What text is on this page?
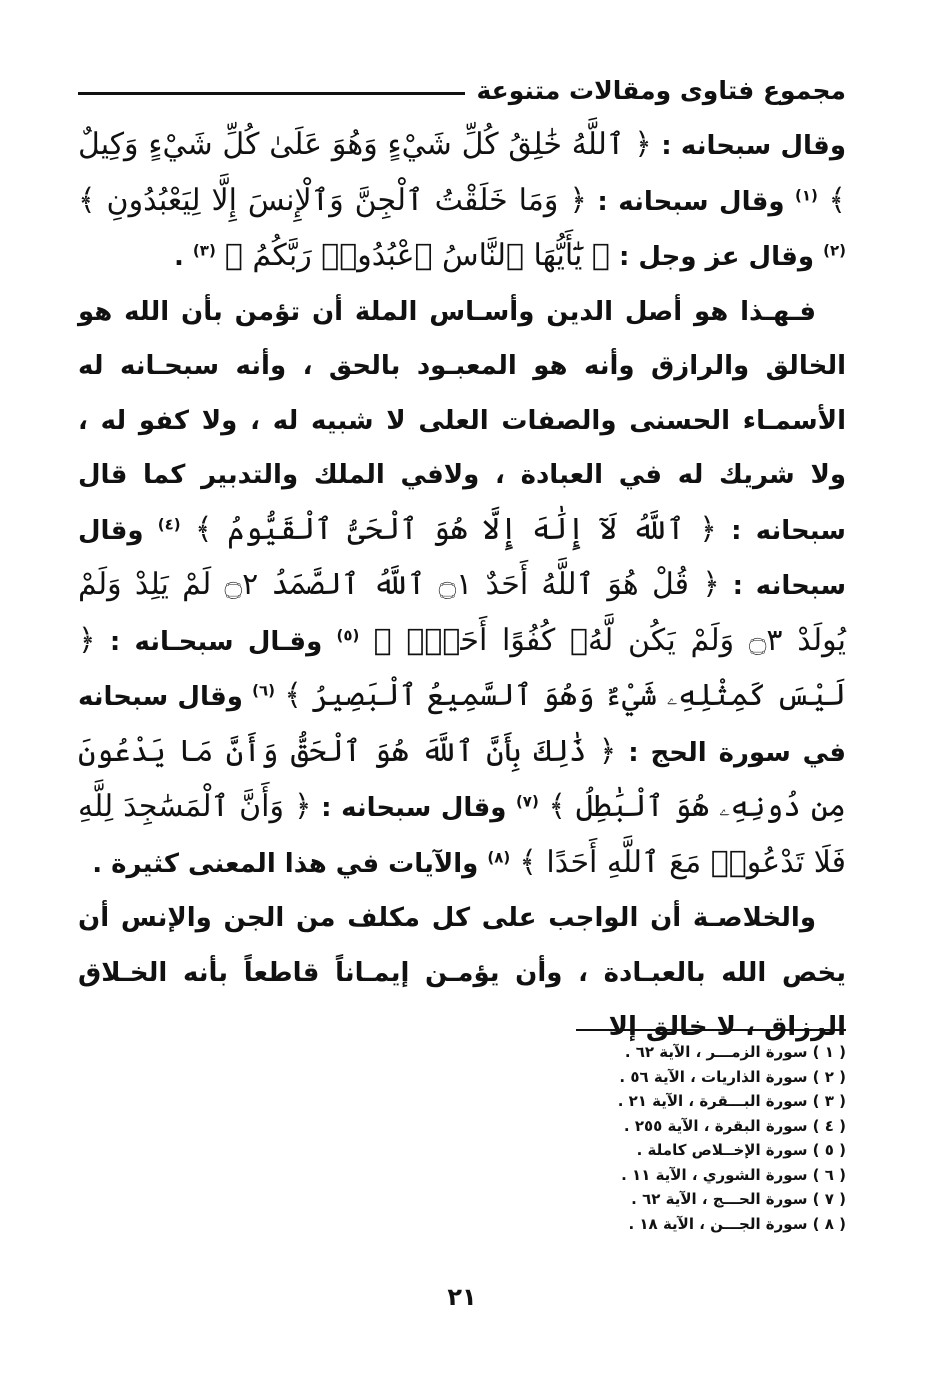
مجموع فتاوى ومقالات متنوعة

وقال سبحانه : ﴿ ٱللَّهُ خَٰلِقُ كُلِّ شَيْءٍ وَهُوَ عَلَىٰ كُلِّ شَيْءٍ وَكِيلٌ ﴾ $^{(١)}$ وقال سبحانه : ﴿ وَمَا خَلَقْتُ ٱلْجِنَّ وَٱلْإِنسَ إِلَّا لِيَعْبُدُونِ ﴾ $^{(٢)}$ وقال عز وجل : ﴿ يَٰٓأَيُّهَا ٱلنَّاسُ ٱعْبُدُوا۟ رَبَّكُمُ ﴾ $^{(٣)}$ .

فـهـذا هو أصل الدين وأسـاس الملة أن تؤمن بأن الله هو الخالق والرازق وأنه هو المعبـود بالحق ، وأنه سبحـانه له الأسمـاء الحسنى والصفات العلى لا شبيه له ، ولا كفو له ، ولا شريك له في العبادة ، ولافي الملك والتدبير كما قال سبحانه : ﴿ ٱللَّهُ لَآ إِلَٰهَ إِلَّا هُوَ ٱلْحَىُّ ٱلْقَيُّومُ ﴾ $^{(٤)}$ وقال سبحانه : ﴿ قُلْ هُوَ ٱللَّهُ أَحَدٌ ۝١ ٱللَّهُ ٱلصَّمَدُ ۝٢ لَمْ يَلِدْ وَلَمْ يُولَدْ ۝٣ وَلَمْ يَكُن لَّهُۥ كُفُوًا أَحَدٌۢ ﴾ $^{(٥)}$ وقـال سبحـانه : ﴿ لَيْسَ كَمِثْلِهِۦ شَيْءٌ وَهُوَ ٱلسَّمِيعُ ٱلْبَصِيرُ ﴾ $^{(٦)}$ وقال سبحانه في سورة الحج : ﴿ ذَٰلِكَ بِأَنَّ ٱللَّهَ هُوَ ٱلْحَقُّ وَأَنَّ مَا يَدْعُونَ مِن دُونِهِۦ هُوَ ٱلْبَٰطِلُ ﴾ $^{(٧)}$ وقال سبحانه : ﴿ وَأَنَّ ٱلْمَسَٰجِدَ لِلَّهِ فَلَا تَدْعُوا۟ مَعَ ٱللَّهِ أَحَدًا ﴾ $^{(٨)}$ والآيات في هذا المعنى كثيرة .

والخلاصـة أن الواجب على كل مكلف من الجن والإنس أن يخص الله بالعبـادة ، وأن يؤمـن إيمـاناً قاطعاً بأنه الخـلاق الرزاق ، لا خالق إلا

( ١ ) سورة الزمـــر ، الآية ٦٢ .
( ٢ ) سورة الذاريات ، الآية ٥٦ .
( ٣ ) سورة البـــقرة ، الآية ٢١ .
( ٤ ) سورة البقرة ، الآية ٢٥٥ .
( ٥ ) سورة الإخــلاص كاملة .
( ٦ ) سورة الشوري ، الآية ١١ .
( ٧ ) سورة الحـــج ، الآية ٦٢ .
( ٨ ) سورة الجـــن ، الآية ١٨ .
٢١
